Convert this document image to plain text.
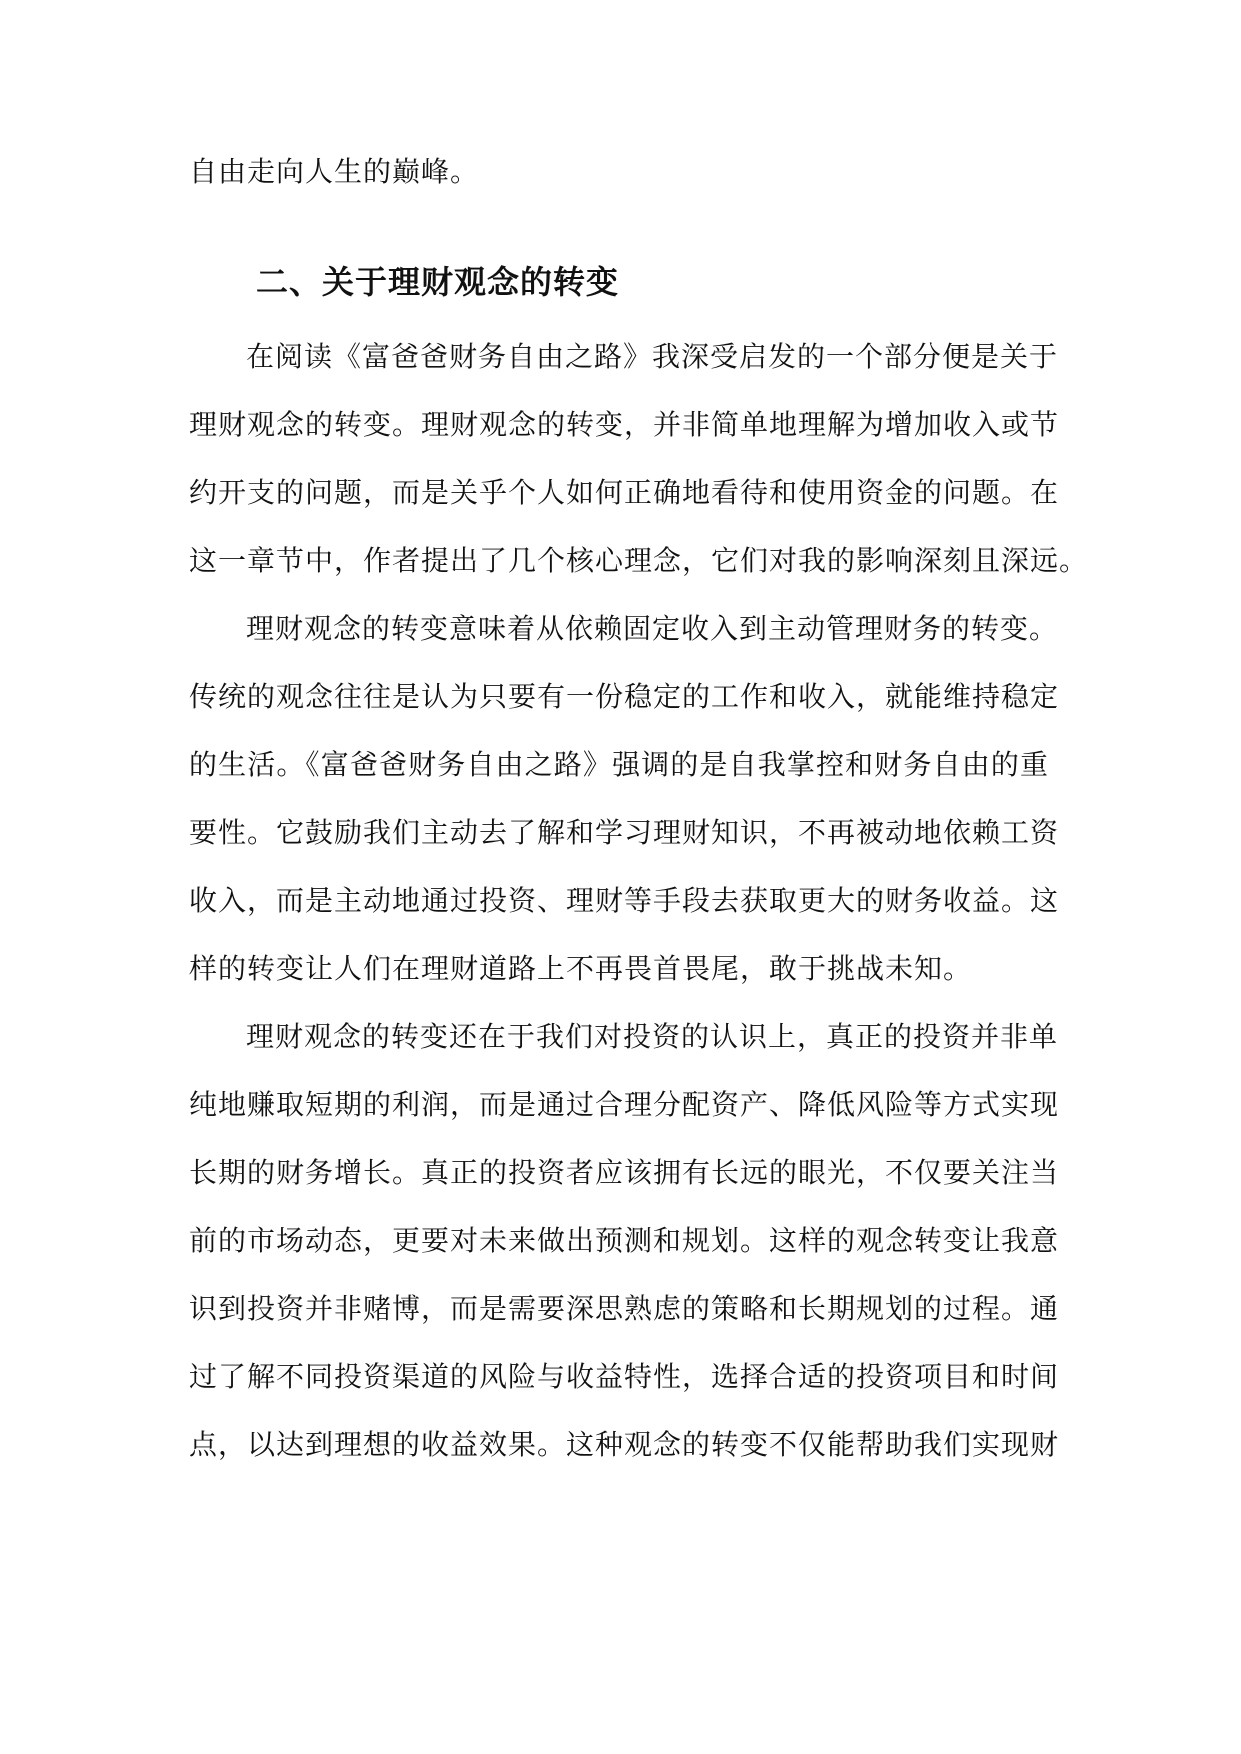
自由走向人生的巅峰。
二、关于理财观念的转变
在阅读《富爸爸财务自由之路》我深受启发的一个部分便是关于
理财观念的转变。理财观念的转变，并非简单地理解为增加收入或节
约开支的问题，而是关乎个人如何正确地看待和使用资金的问题。在
这一章节中，作者提出了几个核心理念，它们对我的影响深刻且深远。
理财观念的转变意味着从依赖固定收入到主动管理财务的转变。
传统的观念往往是认为只要有一份稳定的工作和收入，就能维持稳定
的生活。《富爸爸财务自由之路》强调的是自我掌控和财务自由的重
要性。它鼓励我们主动去了解和学习理财知识，不再被动地依赖工资
收入，而是主动地通过投资、理财等手段去获取更大的财务收益。这
样的转变让人们在理财道路上不再畏首畏尾，敢于挑战未知。
理财观念的转变还在于我们对投资的认识上，真正的投资并非单
纯地赚取短期的利润，而是通过合理分配资产、降低风险等方式实现
长期的财务增长。真正的投资者应该拥有长远的眼光，不仅要关注当
前的市场动态，更要对未来做出预测和规划。这样的观念转变让我意
识到投资并非赌博，而是需要深思熟虑的策略和长期规划的过程。通
过了解不同投资渠道的风险与收益特性，选择合适的投资项目和时间
点，以达到理想的收益效果。这种观念的转变不仅能帮助我们实现财
